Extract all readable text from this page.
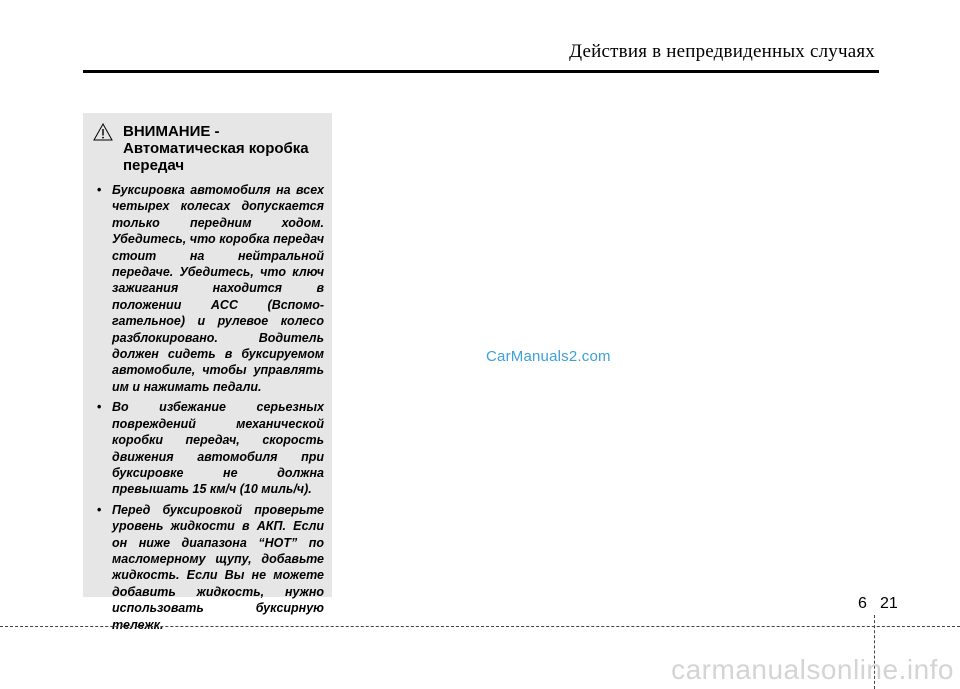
Действия в непредвиденных случаях
ВНИМАНИЕ -
Автоматическая коробка передач
• Буксировка автомобиля на всех четырех колесах допускается только передним ходом. Убедитесь, что коробка передач стоит на нейтральной передаче. Убедитесь, что ключ зажигания находится в положении ACC (Вспомо-гательное) и рулевое колесо разблокировано. Водитель должен сидеть в буксируемом автомобиле, чтобы управлять им и нажимать педали.
• Во избежание серьезных повреждений механической коробки передач, скорость движения автомобиля при буксировке не должна превышать 15 км/ч (10 миль/ч).
• Перед буксировкой проверьте уровень жидкости в АКП. Если он ниже диапазона “HOT” по масломерному щупу, добавьте жидкость. Если Вы не можете добавить жидкость, нужно использовать буксирную тележк.
CarManuals2.com
6 21
carmanualsonline.info
